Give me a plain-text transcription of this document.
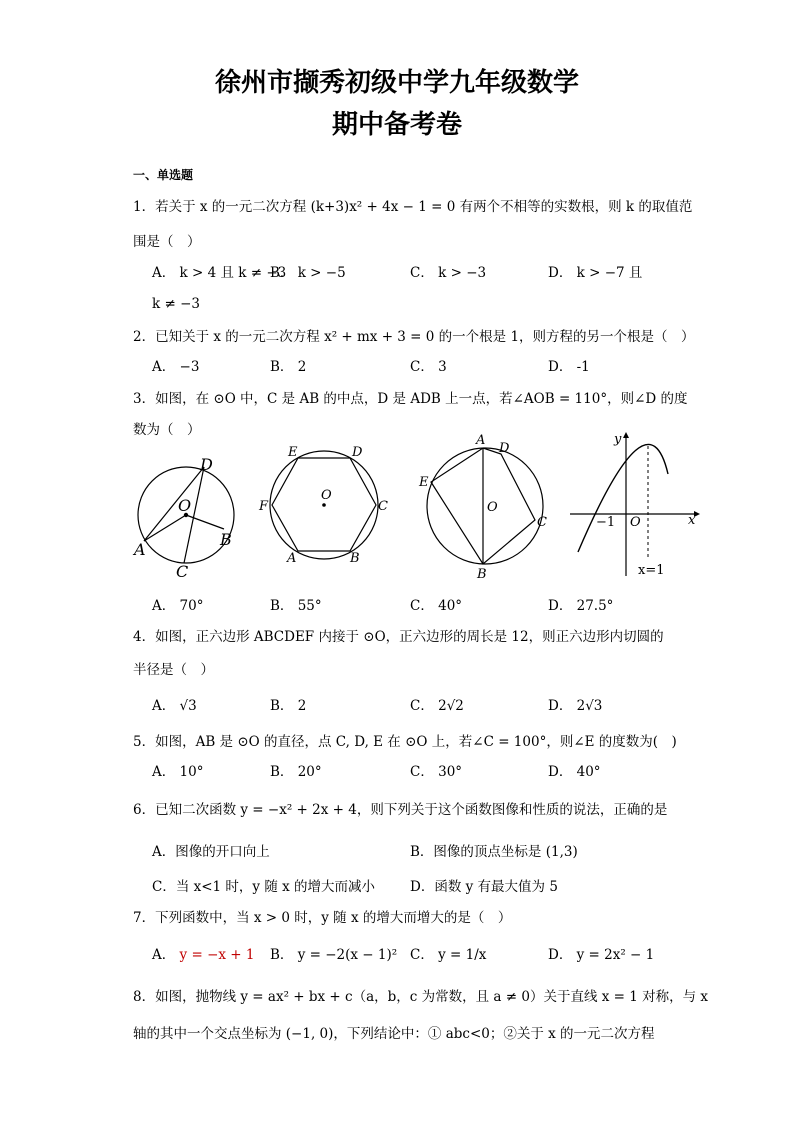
徐州市撷秀初级中学九年级数学
期中备考卷
一、单选题
1．若关于 x 的一元二次方程 (k+3)x² + 4x − 1 = 0 有两个不相等的实数根，则 k 的取值范
围是（　）
A． k > 4 且 k ≠ −3
B． k > −5	C． k > −3	D． k > −7 且
k ≠ −3
2．已知关于 x 的一元二次方程 x² + mx + 3 = 0 的一个根是 1，则方程的另一个根是（　）
A． −3	B． 2	C． 3	D． -1
3．如图，在 ⊙O 中，C 是 AB 的中点，D 是 ADB 上一点，若∠AOB = 110°，则∠D 的度
数为（　）
D
O
A
B
C
E	D
F
O
C
A	B
A
D
E
O
C
B
y
x
−1 O
x=1
A． 70°	B． 55°	C． 40°	D． 27.5°
4．如图，正六边形 ABCDEF 内接于 ⊙O，正六边形的周长是 12，则正六边形内切圆的
半径是（　）
A． √3	B． 2	C． 2√2	D． 2√3
5．如图，AB 是 ⊙O 的直径，点 C, D, E 在 ⊙O 上，若∠C = 100°，则∠E 的度数为(　)
A． 10°	B． 20°	C． 30°	D． 40°
6．已知二次函数 y = −x² + 2x + 4，则下列关于这个函数图像和性质的说法，正确的是
A．图像的开口向上	B．图像的顶点坐标是 (1,3)
C．当 x<1 时，y 随 x 的增大而减小	D．函数 y 有最大值为 5
7．下列函数中，当 x > 0 时，y 随 x 的增大而增大的是（　）
A． y = −x + 1 B． y = −2(x − 1)² C． y = 1/x	D． y = 2x² − 1
8．如图，抛物线 y = ax² + bx + c（a，b，c 为常数，且 a ≠ 0）关于直线 x = 1 对称，与 x
轴的其中一个交点坐标为 (−1, 0)，下列结论中：① abc<0；②关于 x 的一元二次方程
